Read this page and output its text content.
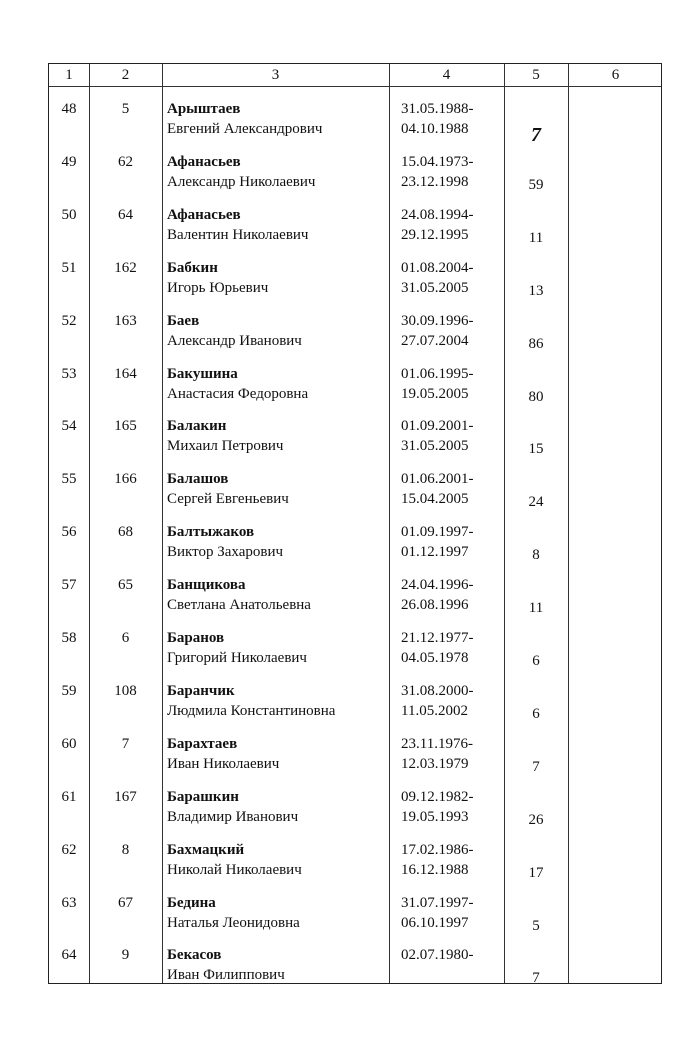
1	2	3	4	5	6
48	5	Арыштаев
Евгений Александрович
31.05.1988-
04.10.1988	7
49	62	Афанасьев
Александр Николаевич
15.04.1973-
23.12.1998	59
50	64	Афанасьев
Валентин Николаевич
24.08.1994-
29.12.1995	11
51	162	Бабкин
Игорь Юрьевич
01.08.2004-
31.05.2005	13
52	163	Баев
Александр Иванович
30.09.1996-
27.07.2004	86
53	164	Бакушина
Анастасия Федоровна
01.06.1995-
19.05.2005	80
54	165	Балакин
Михаил Петрович
01.09.2001-
31.05.2005	15
55	166	Балашов
Сергей Евгеньевич
01.06.2001-
15.04.2005	24
56	68	Балтыжаков
Виктор Захарович
01.09.1997-
01.12.1997	8
57	65	Банщикова
Светлана Анатольевна
24.04.1996-
26.08.1996	11
58	6	Баранов
Григорий Николаевич
21.12.1977-
04.05.1978	6
59	108	Баранчик
Людмила Константиновна
31.08.2000-
11.05.2002	6
60	7	Барахтаев
Иван Николаевич
23.11.1976-
12.03.1979	7
61	167	Барашкин
Владимир Иванович
09.12.1982-
19.05.1993	26
62	8	Бахмацкий
Николай Николаевич
17.02.1986-
16.12.1988	17
63	67	Бедина
Наталья Леонидовна
31.07.1997-
06.10.1997	5
64	9	Бекасов
Иван Филиппович
02.07.1980-
7
